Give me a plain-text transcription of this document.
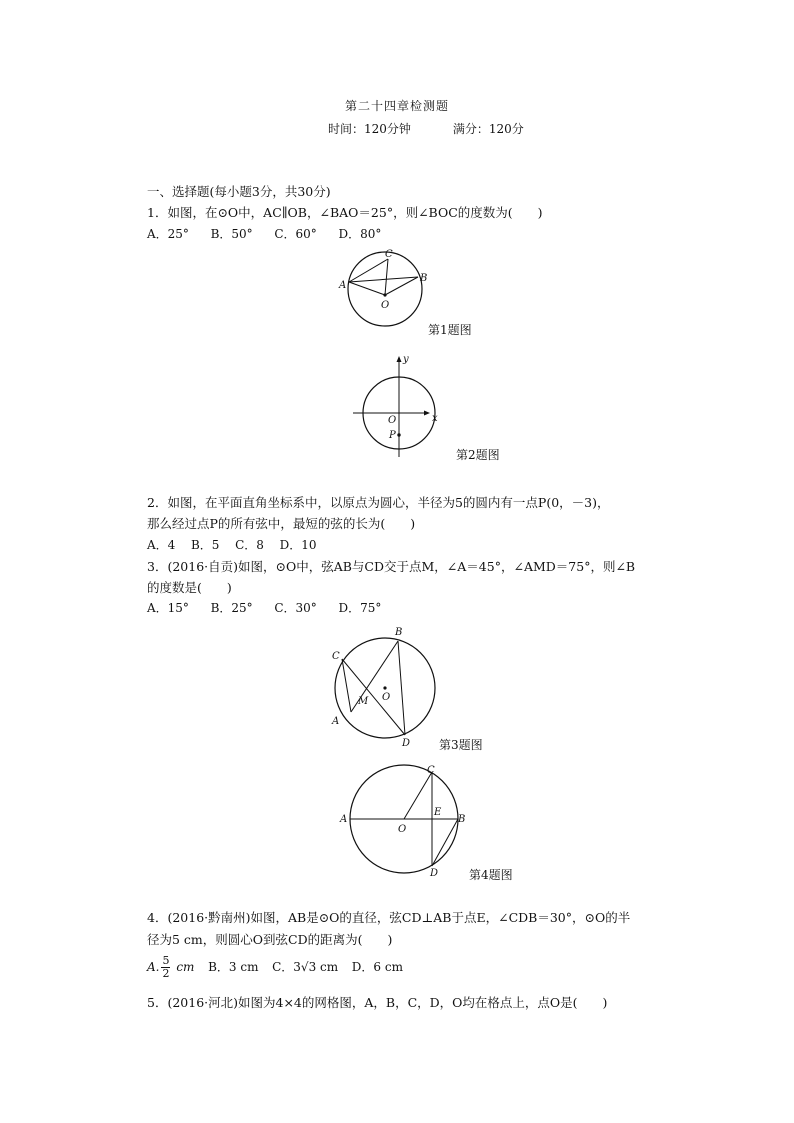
第二十四章检测题
时间：120分钟	满分：120分
一、选择题(每小题3分，共30分)
1．如图，在⊙O中，AC∥OB，∠BAO＝25°，则∠BOC的度数为(　　)
A．25° B．50° C．60° D．80°
A
C
B
O
第1题图
y
x
O
P
第2题图
2．如图，在平面直角坐标系中，以原点为圆心，半径为5的圆内有一点P(0，－3)，
那么经过点P的所有弦中，最短的弦的长为(　　)
A．4 B．5 C．8 D．10
3．(2016·自贡)如图，⊙O中，弦AB与CD交于点M，∠A＝45°，∠AMD＝75°，则∠B
的度数是(　　)
A．15° B．25° C．30° D．75°
C
B
M O
A
D 第3题图
A
C
E
O
B
D	第4题图
4．(2016·黔南州)如图，AB是⊙O的直径，弦CD⊥AB于点E，∠CDB＝30°，⊙O的半
径为5 cm，则圆心O到弦CD的距离为(　　)
A. $\frac{5}{2}$ cm B．3 cm C．3√3 cm D．6 cm
5．(2016·河北)如图为4×4的网格图，A，B，C，D，O均在格点上，点O是(　　)
